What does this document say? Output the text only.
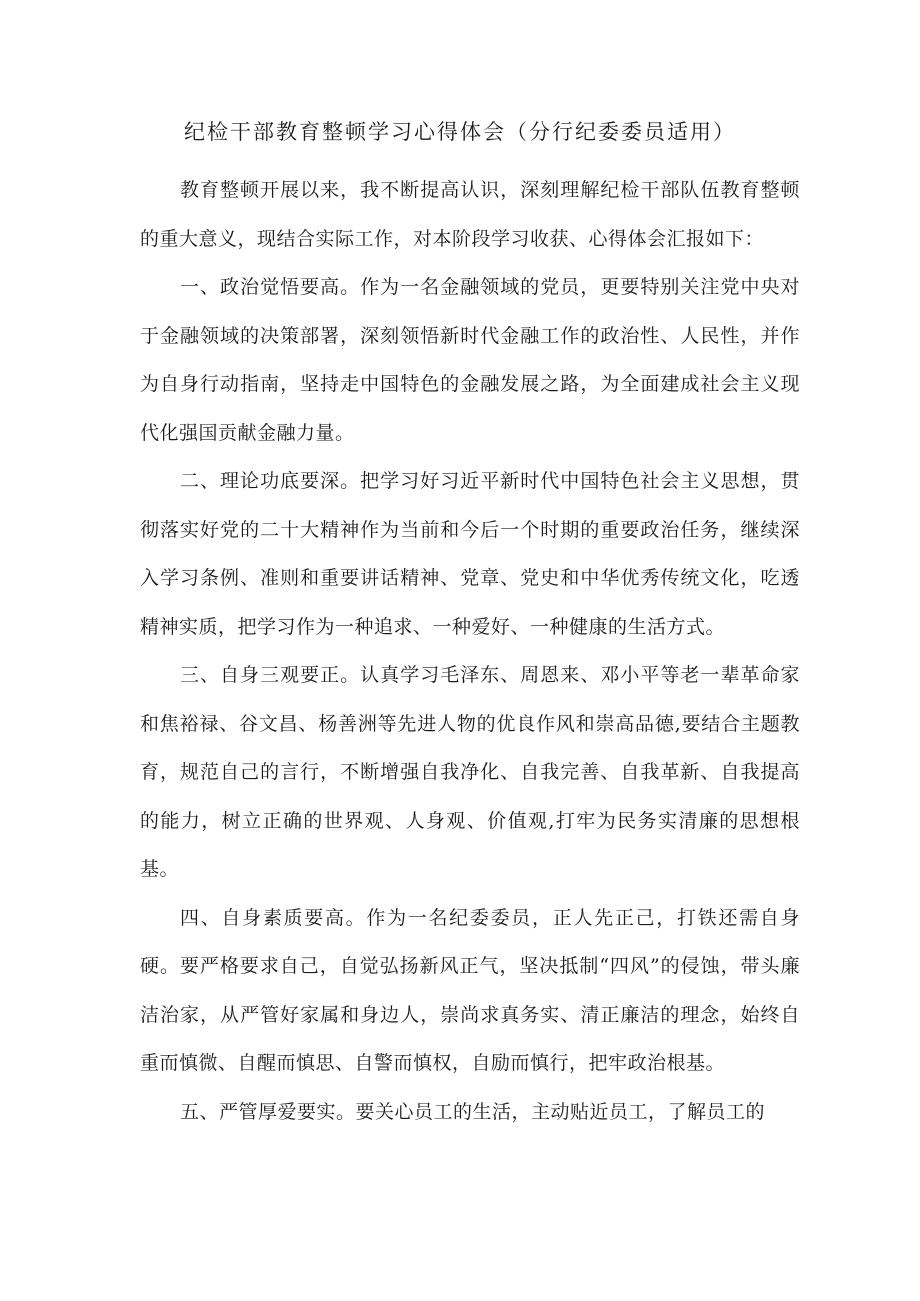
纪检干部教育整顿学习心得体会（分行纪委委员适用）

教育整顿开展以来，我不断提高认识，深刻理解纪检干部队伍教育整顿的重大意义，现结合实际工作，对本阶段学习收获、心得体会汇报如下：

一、政治觉悟要高。作为一名金融领域的党员，更要特别关注党中央对于金融领域的决策部署，深刻领悟新时代金融工作的政治性、人民性，并作为自身行动指南，坚持走中国特色的金融发展之路，为全面建成社会主义现代化强国贡献金融力量。

二、理论功底要深。把学习好习近平新时代中国特色社会主义思想，贯彻落实好党的二十大精神作为当前和今后一个时期的重要政治任务，继续深入学习条例、准则和重要讲话精神、党章、党史和中华优秀传统文化，吃透精神实质，把学习作为一种追求、一种爱好、一种健康的生活方式。

三、自身三观要正。认真学习毛泽东、周恩来、邓小平等老一辈革命家和焦裕禄、谷文昌、杨善洲等先进人物的优良作风和崇高品德,要结合主题教育，规范自己的言行，不断增强自我净化、自我完善、自我革新、自我提高的能力，树立正确的世界观、人身观、价值观,打牢为民务实清廉的思想根基。

四、自身素质要高。作为一名纪委委员，正人先正己，打铁还需自身硬。要严格要求自己，自觉弘扬新风正气，坚决抵制“四风”的侵蚀，带头廉洁治家，从严管好家属和身边人，崇尚求真务实、清正廉洁的理念，始终自重而慎微、自醒而慎思、自警而慎权，自励而慎行，把牢政治根基。

五、严管厚爱要实。要关心员工的生活，主动贴近员工，了解员工的
